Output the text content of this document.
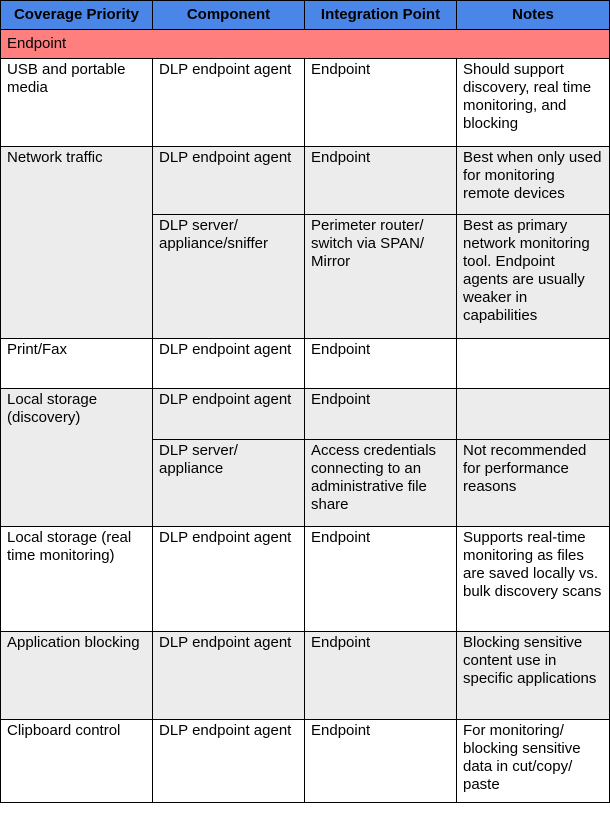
Coverage Priority	Component	Integration Point	Notes
Endpoint			
USB and portable media	DLP endpoint agent	Endpoint	Should support discovery, real time monitoring, and blocking
Network traffic	DLP endpoint agent	Endpoint	Best when only used for monitoring remote devices
	DLP server/ appliance/sniffer	Perimeter router/ switch via SPAN/ Mirror	Best as primary network monitoring tool. Endpoint agents are usually weaker in capabilities
Print/Fax	DLP endpoint agent	Endpoint	
Local storage (discovery)	DLP endpoint agent	Endpoint	
	DLP server/ appliance	Access credentials connecting to an administrative file share	Not recommended for performance reasons
Local storage (real time monitoring)	DLP endpoint agent	Endpoint	Supports real-time monitoring as files are saved locally vs. bulk discovery scans
Application blocking	DLP endpoint agent	Endpoint	Blocking sensitive content use in specific applications
Clipboard control	DLP endpoint agent	Endpoint	For monitoring/ blocking sensitive data in cut/copy/ paste
